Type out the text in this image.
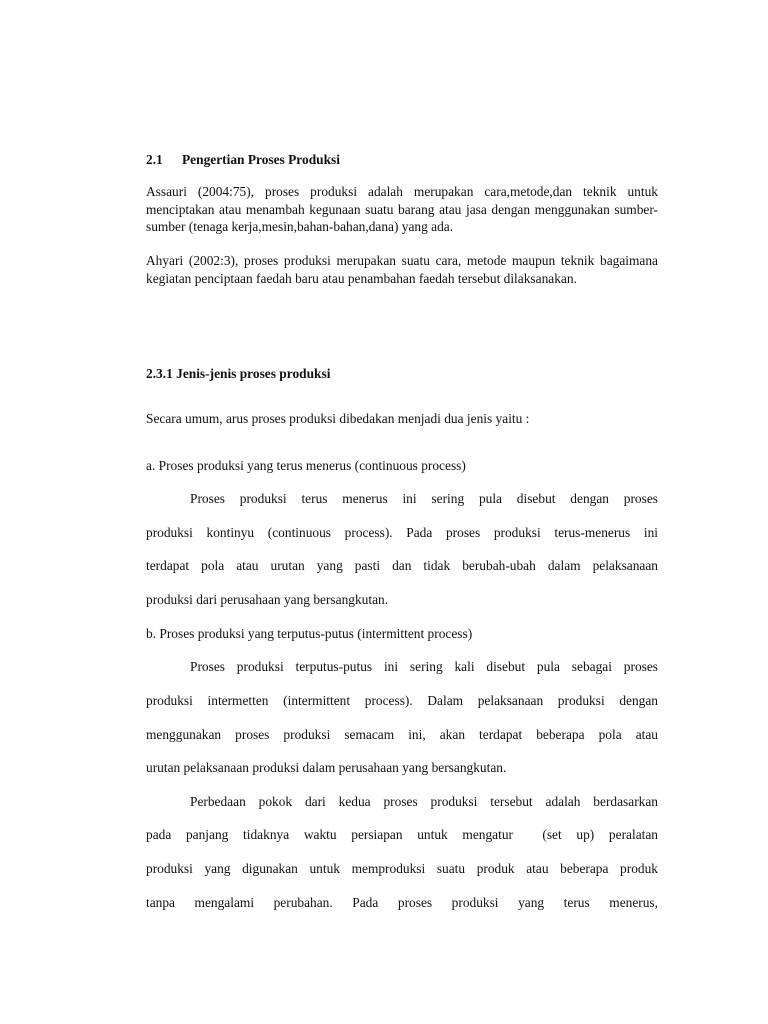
2.1 Pengertian Proses Produksi
Assauri (2004:75), proses produksi adalah merupakan cara,metode,dan teknik untuk menciptakan atau menambah kegunaan suatu barang atau jasa dengan menggunakan sumber-sumber (tenaga kerja,mesin,bahan-bahan,dana) yang ada.
Ahyari (2002:3), proses produksi merupakan suatu cara, metode maupun teknik bagaimana kegiatan penciptaan faedah baru atau penambahan faedah tersebut dilaksanakan.
2.3.1 Jenis-jenis proses produksi
Secara umum, arus proses produksi dibedakan menjadi dua jenis yaitu :
a. Proses produksi yang terus menerus (continuous process)
Proses produksi terus menerus ini sering pula disebut dengan proses
produksi kontinyu (continuous process). Pada proses produksi terus-menerus ini
terdapat pola atau urutan yang pasti dan tidak berubah-ubah dalam pelaksanaan
produksi dari perusahaan yang bersangkutan.
b. Proses produksi yang terputus-putus (intermittent process)
Proses produksi terputus-putus ini sering kali disebut pula sebagai proses
produksi intermetten (intermittent process). Dalam pelaksanaan produksi dengan
menggunakan proses produksi semacam ini, akan terdapat beberapa pola atau
urutan pelaksanaan produksi dalam perusahaan yang bersangkutan.
Perbedaan pokok dari kedua proses produksi tersebut adalah berdasarkan
pada panjang tidaknya waktu persiapan untuk mengatur  (set up) peralatan
produksi yang digunakan untuk memproduksi suatu produk atau beberapa produk
tanpa mengalami perubahan. Pada proses produksi yang terus menerus,
